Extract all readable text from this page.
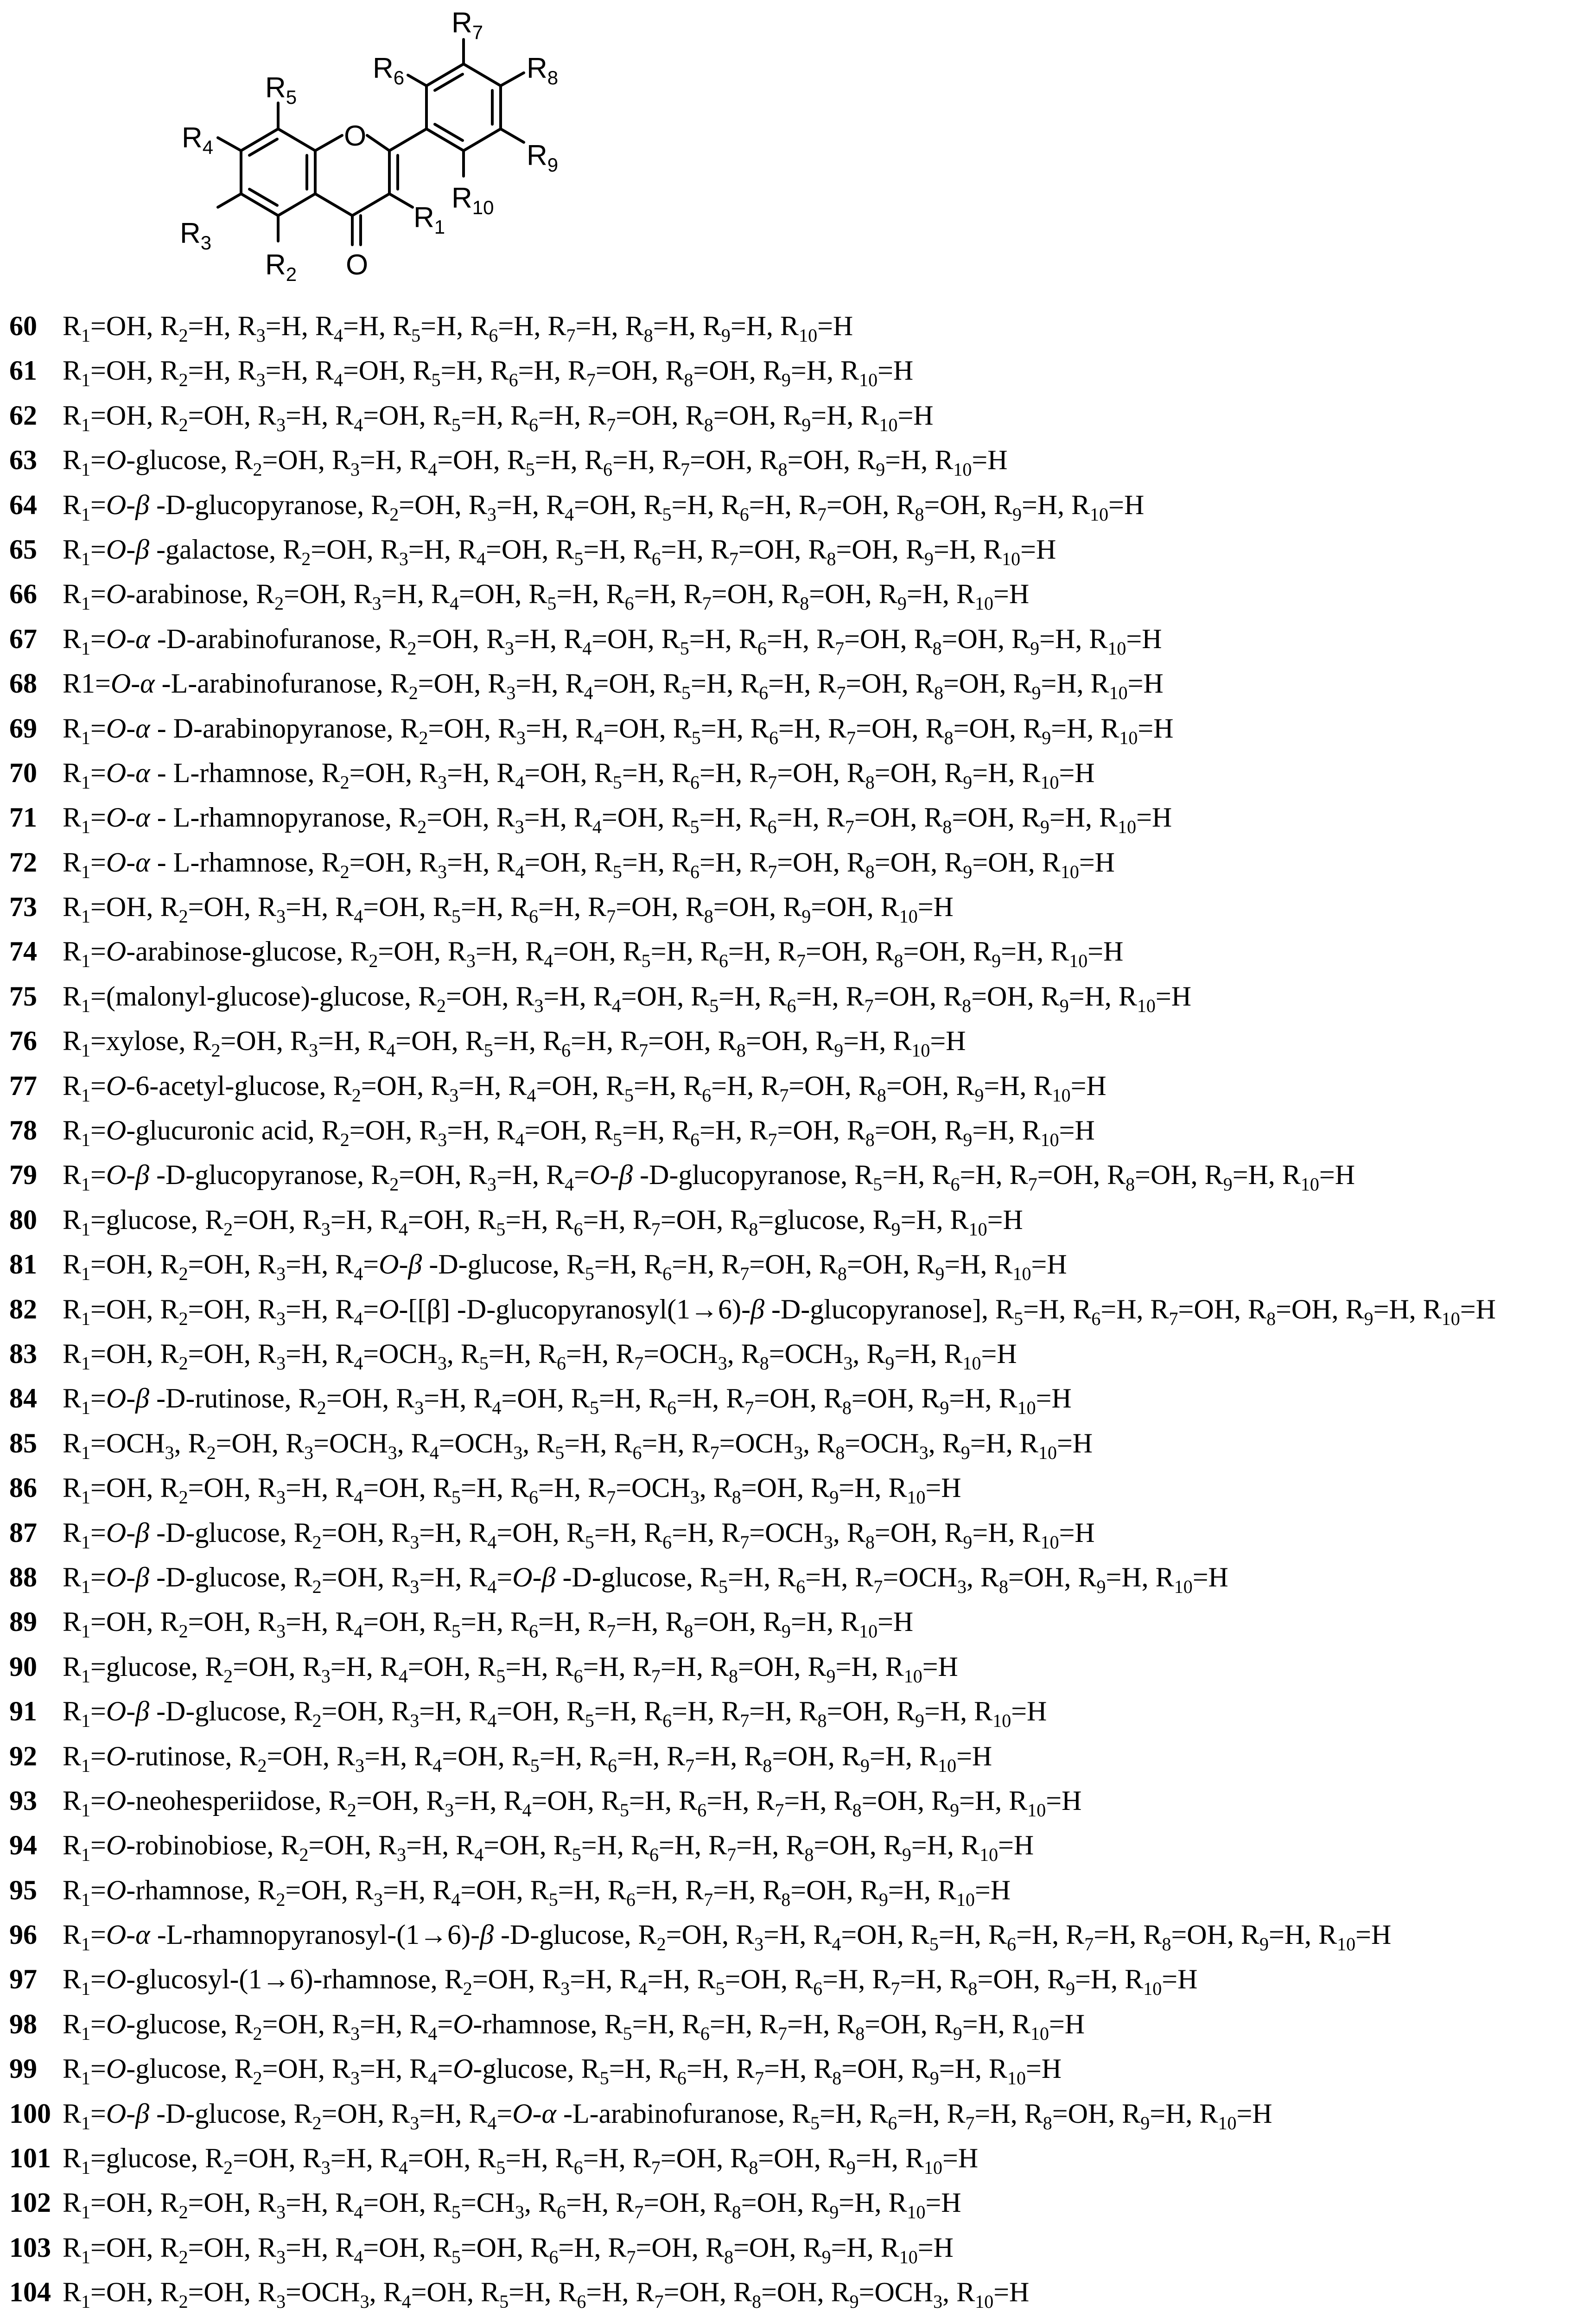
O
O
$R_5$
$R_4$
$R_3$
$R_2$
$R_1$
$R_6$
$R_7$
$R_8$
$R_9$
$R_{10}$
60 $R_1=OH$, $R_2=H$, $R_3=H$, $R_4=H$, $R_5=H$, $R_6=H$, $R_7=H$, $R_8=H$, $R_9=H$, $R_{10}=H$
61 $R_1=OH$, $R_2=H$, $R_3=H$, $R_4=OH$, $R_5=H$, $R_6=H$, $R_7=OH$, $R_8=OH$, $R_9=H$, $R_{10}=H$
62 $R_1=OH$, $R_2=OH$, $R_3=H$, $R_4=OH$, $R_5=H$, $R_6=H$, $R_7=OH$, $R_8=OH$, $R_9=H$, $R_{10}=H$
63 $R_1=O$-glucose, $R_2=OH$, $R_3=H$, $R_4=OH$, $R_5=H$, $R_6=H$, $R_7=OH$, $R_8=OH$, $R_9=H$, $R_{10}=H$
64 $R_1=O-\beta$ -D-glucopyranose, $R_2=OH$, $R_3=H$, $R_4=OH$, $R_5=H$, $R_6=H$, $R_7=OH$, $R_8=OH$, $R_9=H$, $R_{10}=H$
65 $R_1=O-\beta$ -galactose, $R_2=OH$, $R_3=H$, $R_4=OH$, $R_5=H$, $R_6=H$, $R_7=OH$, $R_8=OH$, $R_9=H$, $R_{10}=H$
66 $R_1=O$-arabinose, $R_2=OH$, $R_3=H$, $R_4=OH$, $R_5=H$, $R_6=H$, $R_7=OH$, $R_8=OH$, $R_9=H$, $R_{10}=H$
67 $R_1=O-\alpha$ -D-arabinofuranose, $R_2=OH$, $R_3=H$, $R_4=OH$, $R_5=H$, $R_6=H$, $R_7=OH$, $R_8=OH$, $R_9=H$, $R_{10}=H$
68 R1=O-α -L-arabinofuranose, $R_2=OH$, $R_3=H$, $R_4=OH$, $R_5=H$, $R_6=H$, $R_7=OH$, $R_8=OH$, $R_9=H$, $R_{10}=H$
69 $R_1=O-\alpha$ - D-arabinopyranose, $R_2=OH$, $R_3=H$, $R_4=OH$, $R_5=H$, $R_6=H$, $R_7=OH$, $R_8=OH$, $R_9=H$, $R_{10}=H$
70 $R_1=O-\alpha$ - L-rhamnose, $R_2=OH$, $R_3=H$, $R_4=OH$, $R_5=H$, $R_6=H$, $R_7=OH$, $R_8=OH$, $R_9=H$, $R_{10}=H$
71 $R_1=O-\alpha$ - L-rhamnopyranose, $R_2=OH$, $R_3=H$, $R_4=OH$, $R_5=H$, $R_6=H$, $R_7=OH$, $R_8=OH$, $R_9=H$, $R_{10}=H$
72 $R_1=O-\alpha$ - L-rhamnose, $R_2=OH$, $R_3=H$, $R_4=OH$, $R_5=H$, $R_6=H$, $R_7=OH$, $R_8=OH$, $R_9=OH$, $R_{10}=H$
73 $R_1=OH$, $R_2=OH$, $R_3=H$, $R_4=OH$, $R_5=H$, $R_6=H$, $R_7=OH$, $R_8=OH$, $R_9=OH$, $R_{10}=H$
74 $R_1=O-arabinose$-glucose, $R_2=OH$, $R_3=H$, $R_4=OH$, $R_5=H$, $R_6=H$, $R_7=OH$, $R_8=OH$, $R_9=H$, $R_{10}=H$
75 $R_1=(malonyl-glucose)$-glucose, $R_2=OH$, $R_3=H$, $R_4=OH$, $R_5=H$, $R_6=H$, $R_7=OH$, $R_8=OH$, $R_9=H$, $R_{10}=H$
76 $R_1=xylose$, $R_2=OH$, $R_3=H$, $R_4=OH$, $R_5=H$, $R_6=H$, $R_7=OH$, $R_8=OH$, $R_9=H$, $R_{10}=H$
77 $R_1=O-6-acetyl$-glucose, $R_2=OH$, $R_3=H$, $R_4=OH$, $R_5=H$, $R_6=H$, $R_7=OH$, $R_8=OH$, $R_9=H$, $R_{10}=H$
78 $R_1=O$-glucuronic acid, $R_2=OH$, $R_3=H$, $R_4=OH$, $R_5=H$, $R_6=H$, $R_7=OH$, $R_8=OH$, $R_9=H$, $R_{10}=H$
79 $R_1=O-\beta$ -D-glucopyranose, $R_2=OH$, $R_3=H$, $R_4=O-\beta$ -D-glucopyranose, $R_5=H$, $R_6=H$, $R_7=OH$, $R_8=OH$, $R_9=H$, $R_{10}=H$
80 $R_1=glucose$, $R_2=OH$, $R_3=H$, $R_4=OH$, $R_5=H$, $R_6=H$, $R_7=OH$, $R_8=glucose$, $R_9=H$, $R_{10}=H$
81 $R_1=OH$, $R_2=OH$, $R_3=H$, $R_4=O-\beta$ -D-glucose, $R_5=H$, $R_6=H$, $R_7=OH$, $R_8=OH$, $R_9=H$, $R_{10}=H$
82 $R_1=OH$, $R_2=OH$, $R_3=H$, $R_4=O-[[\beta]$ -D-glucopyranosyl(1→6)-β -D-glucopyranose], $R_5=H$, $R_6=H$, $R_7=OH$, $R_8=OH$, $R_9=H$, $R_{10}=H$
83 $R_1=OH$, $R_2=OH$, $R_3=H$, $R_4=OCH_3$, $R_5=H$, $R_6=H$, $R_7=OCH_3$, $R_8=OCH_3$, $R_9=H$, $R_{10}=H$
84 $R_1=O-\beta$ -D-rutinose, $R_2=OH$, $R_3=H$, $R_4=OH$, $R_5=H$, $R_6=H$, $R_7=OH$, $R_8=OH$, $R_9=H$, $R_{10}=H$
85 $R_1=OCH_3$, $R_2=OH$, $R_3=OCH_3$, $R_4=OCH_3$, $R_5=H$, $R_6=H$, $R_7=OCH_3$, $R_8=OCH_3$, $R_9=H$, $R_{10}=H$
86 $R_1=OH$, $R_2=OH$, $R_3=H$, $R_4=OH$, $R_5=H$, $R_6=H$, $R_7=OCH_3$, $R_8=OH$, $R_9=H$, $R_{10}=H$
87 $R_1=O-\beta$ -D-glucose, $R_2=OH$, $R_3=H$, $R_4=OH$, $R_5=H$, $R_6=H$, $R_7=OCH_3$, $R_8=OH$, $R_9=H$, $R_{10}=H$
88 $R_1=O-\beta$ -D-glucose, $R_2=OH$, $R_3=H$, $R_4=O-\beta$ -D-glucose, $R_5=H$, $R_6=H$, $R_7=OCH_3$, $R_8=OH$, $R_9=H$, $R_{10}=H$
89 $R_1=OH$, $R_2=OH$, $R_3=H$, $R_4=OH$, $R_5=H$, $R_6=H$, $R_7=H$, $R_8=OH$, $R_9=H$, $R_{10}=H$
90 $R_1=glucose$, $R_2=OH$, $R_3=H$, $R_4=OH$, $R_5=H$, $R_6=H$, $R_7=H$, $R_8=OH$, $R_9=H$, $R_{10}=H$
91 $R_1=O-\beta$ -D-glucose, $R_2=OH$, $R_3=H$, $R_4=OH$, $R_5=H$, $R_6=H$, $R_7=H$, $R_8=OH$, $R_9=H$, $R_{10}=H$
92 $R_1=O$-rutinose, $R_2=OH$, $R_3=H$, $R_4=OH$, $R_5=H$, $R_6=H$, $R_7=H$, $R_8=OH$, $R_9=H$, $R_{10}=H$
93 $R_1=O$-neohesperiidose, $R_2=OH$, $R_3=H$, $R_4=OH$, $R_5=H$, $R_6=H$, $R_7=H$, $R_8=OH$, $R_9=H$, $R_{10}=H$
94 $R_1=O$-robinobiose, $R_2=OH$, $R_3=H$, $R_4=OH$, $R_5=H$, $R_6=H$, $R_7=H$, $R_8=OH$, $R_9=H$, $R_{10}=H$
95 $R_1=O$-rhamnose, $R_2=OH$, $R_3=H$, $R_4=OH$, $R_5=H$, $R_6=H$, $R_7=H$, $R_8=OH$, $R_9=H$, $R_{10}=H$
96 $R_1=O-\alpha$ -L-rhamnopyranosyl-(1→6)-β -D-glucose, $R_2=OH$, $R_3=H$, $R_4=OH$, $R_5=H$, $R_6=H$, $R_7=H$, $R_8=OH$, $R_9=H$, $R_{10}=H$
97 $R_1=O-glucosyl-(1\to 6)$-rhamnose, $R_2=OH$, $R_3=H$, $R_4=H$, $R_5=OH$, $R_6=H$, $R_7=H$, $R_8=OH$, $R_9=H$, $R_{10}=H$
98 $R_1=O$-glucose, $R_2=OH$, $R_3=H$, $R_4=O$-rhamnose, $R_5=H$, $R_6=H$, $R_7=H$, $R_8=OH$, $R_9=H$, $R_{10}=H$
99 $R_1=O$-glucose, $R_2=OH$, $R_3=H$, $R_4=O$-glucose, $R_5=H$, $R_6=H$, $R_7=H$, $R_8=OH$, $R_9=H$, $R_{10}=H$
100 $R_1=O-\beta$ -D-glucose, $R_2=OH$, $R_3=H$, $R_4=O-\alpha$ -L-arabinofuranose, $R_5=H$, $R_6=H$, $R_7=H$, $R_8=OH$, $R_9=H$, $R_{10}=H$
101 $R_1=glucose$, $R_2=OH$, $R_3=H$, $R_4=OH$, $R_5=H$, $R_6=H$, $R_7=OH$, $R_8=OH$, $R_9=H$, $R_{10}=H$
102 $R_1=OH$, $R_2=OH$, $R_3=H$, $R_4=OH$, $R_5=CH_3$, $R_6=H$, $R_7=OH$, $R_8=OH$, $R_9=H$, $R_{10}=H$
103 $R_1=OH$, $R_2=OH$, $R_3=H$, $R_4=OH$, $R_5=OH$, $R_6=H$, $R_7=OH$, $R_8=OH$, $R_9=H$, $R_{10}=H$
104 $R_1=OH$, $R_2=OH$, $R_3=OCH_3$, $R_4=OH$, $R_5=H$, $R_6=H$, $R_7=OH$, $R_8=OH$, $R_9=OCH_3$, $R_{10}=H$
